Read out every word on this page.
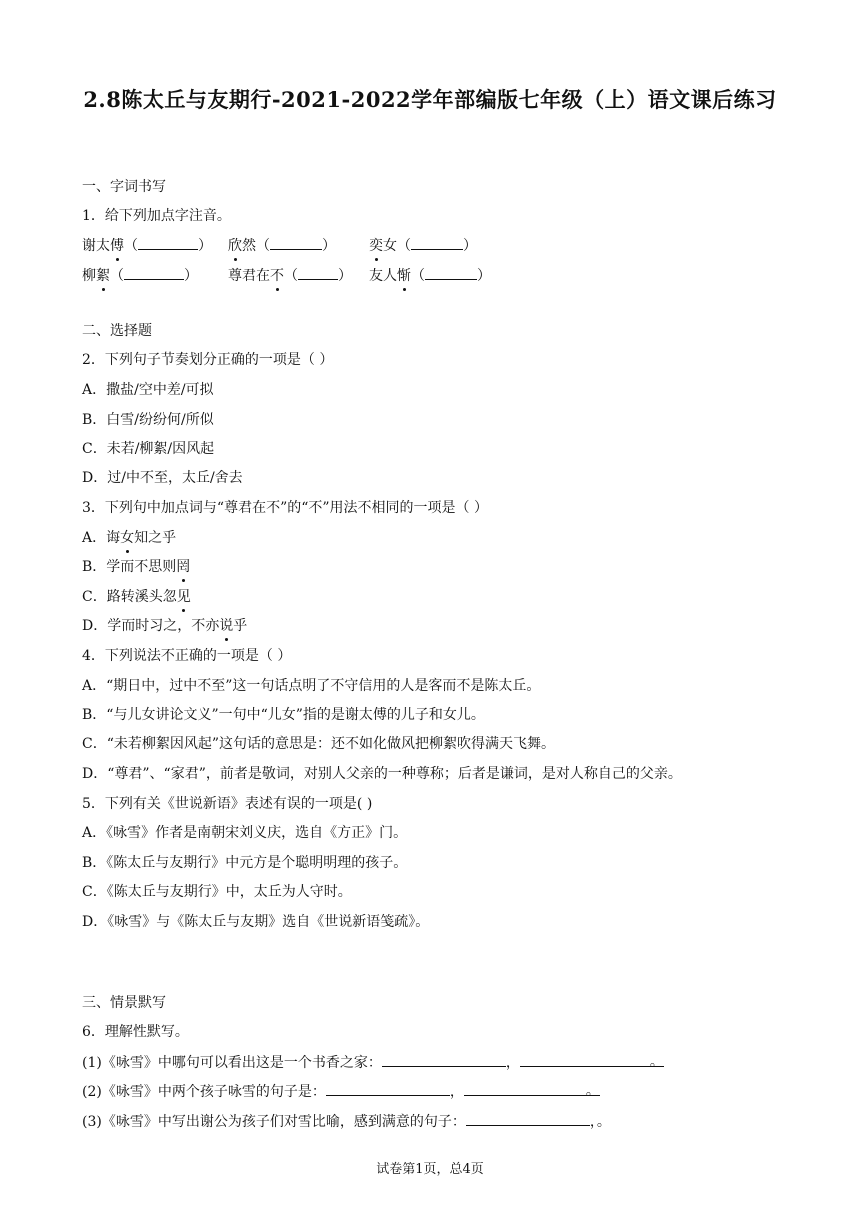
2.8陈太丘与友期行-2021-2022学年部编版七年级（上）语文课后练习
一、字词书写
1．给下列加点字注音。
谢太傅（	） 欣然（	） 奕女（	）
柳絮（	） 尊君在不（	） 友人惭（	）
二、选择题
2．下列句子节奏划分正确的一项是（ ）
A．撒盐/空中差/可拟
B．白雪/纷纷何/所似
C．未若/柳絮/因风起
D．过/中不至，太丘/舍去
3．下列句中加点词与“尊君在不”的“不”用法不相同的一项是（ ）
A．诲女知之乎
B．学而不思则罔
C．路转溪头忽见
D．学而时习之，不亦说乎
4．下列说法不正确的一项是（ ）
A．“期日中，过中不至”这一句话点明了不守信用的人是客而不是陈太丘。
B．“与儿女讲论文义”一句中“儿女”指的是谢太傅的儿子和女儿。
C．“未若柳絮因风起”这句话的意思是：还不如化做风把柳絮吹得满天飞舞。
D．“尊君”、“家君”，前者是敬词，对别人父亲的一种尊称；后者是谦词，是对人称自己的父亲。
5．下列有关《世说新语》表述有误的一项是( )
A．《咏雪》作者是南朝宋刘义庆，选自《方正》门。
B．《陈太丘与友期行》中元方是个聪明明理的孩子。
C．《陈太丘与友期行》中，太丘为人守时。
D．《咏雪》与《陈太丘与友期》选自《世说新语笺疏》。
三、情景默写
6．理解性默写。
(1)《咏雪》中哪句可以看出这是一个书香之家：	，	。
(2)《咏雪》中两个孩子咏雪的句子是：	，	。
(3)《咏雪》中写出谢公为孩子们对雪比喻，感到满意的句子：	，。
试卷第1页，总4页
